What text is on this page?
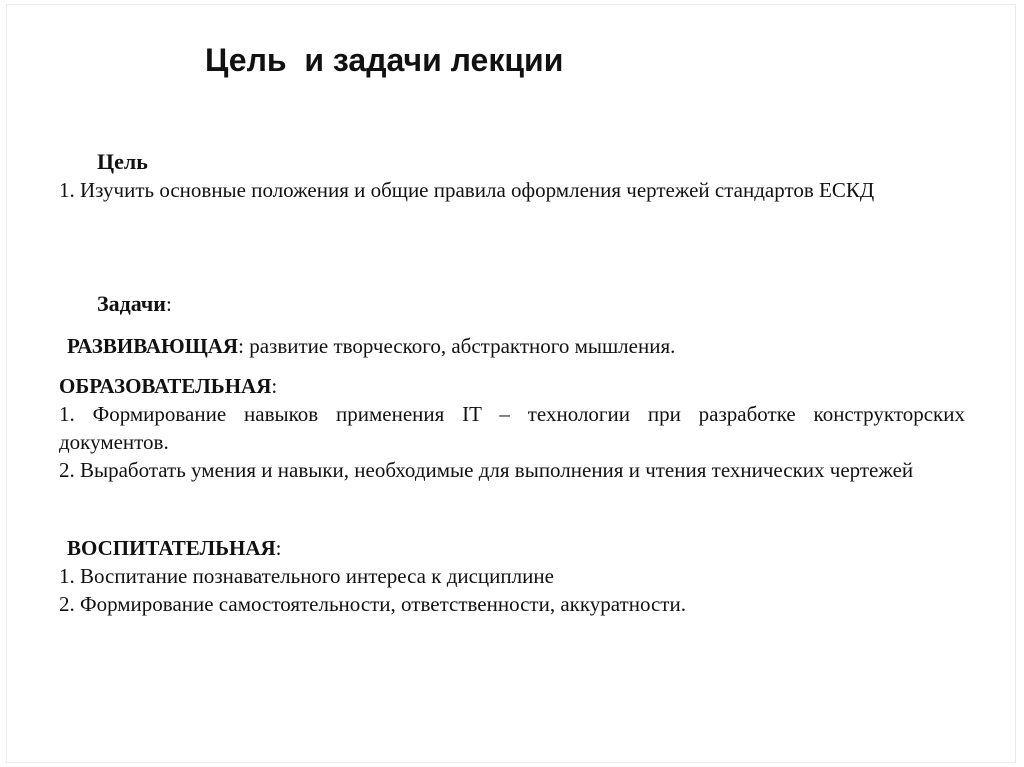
Цель  и задачи лекции
Цель

1. Изучить основные положения и общие правила оформления чертежей стандартов ЕСКД

Задачи:

РАЗВИВАЮЩАЯ: развитие творческого, абстрактного мышления.

ОБРАЗОВАТЕЛЬНАЯ:

1. Формирование навыков применения IT – технологии при разработке конструкторских документов.

2. Выработать умения и навыки, необходимые для выполнения и чтения технических чертежей

ВОСПИТАТЕЛЬНАЯ:

1. Воспитание познавательного интереса к дисциплине

2. Формирование самостоятельности, ответственности, аккуратности.
